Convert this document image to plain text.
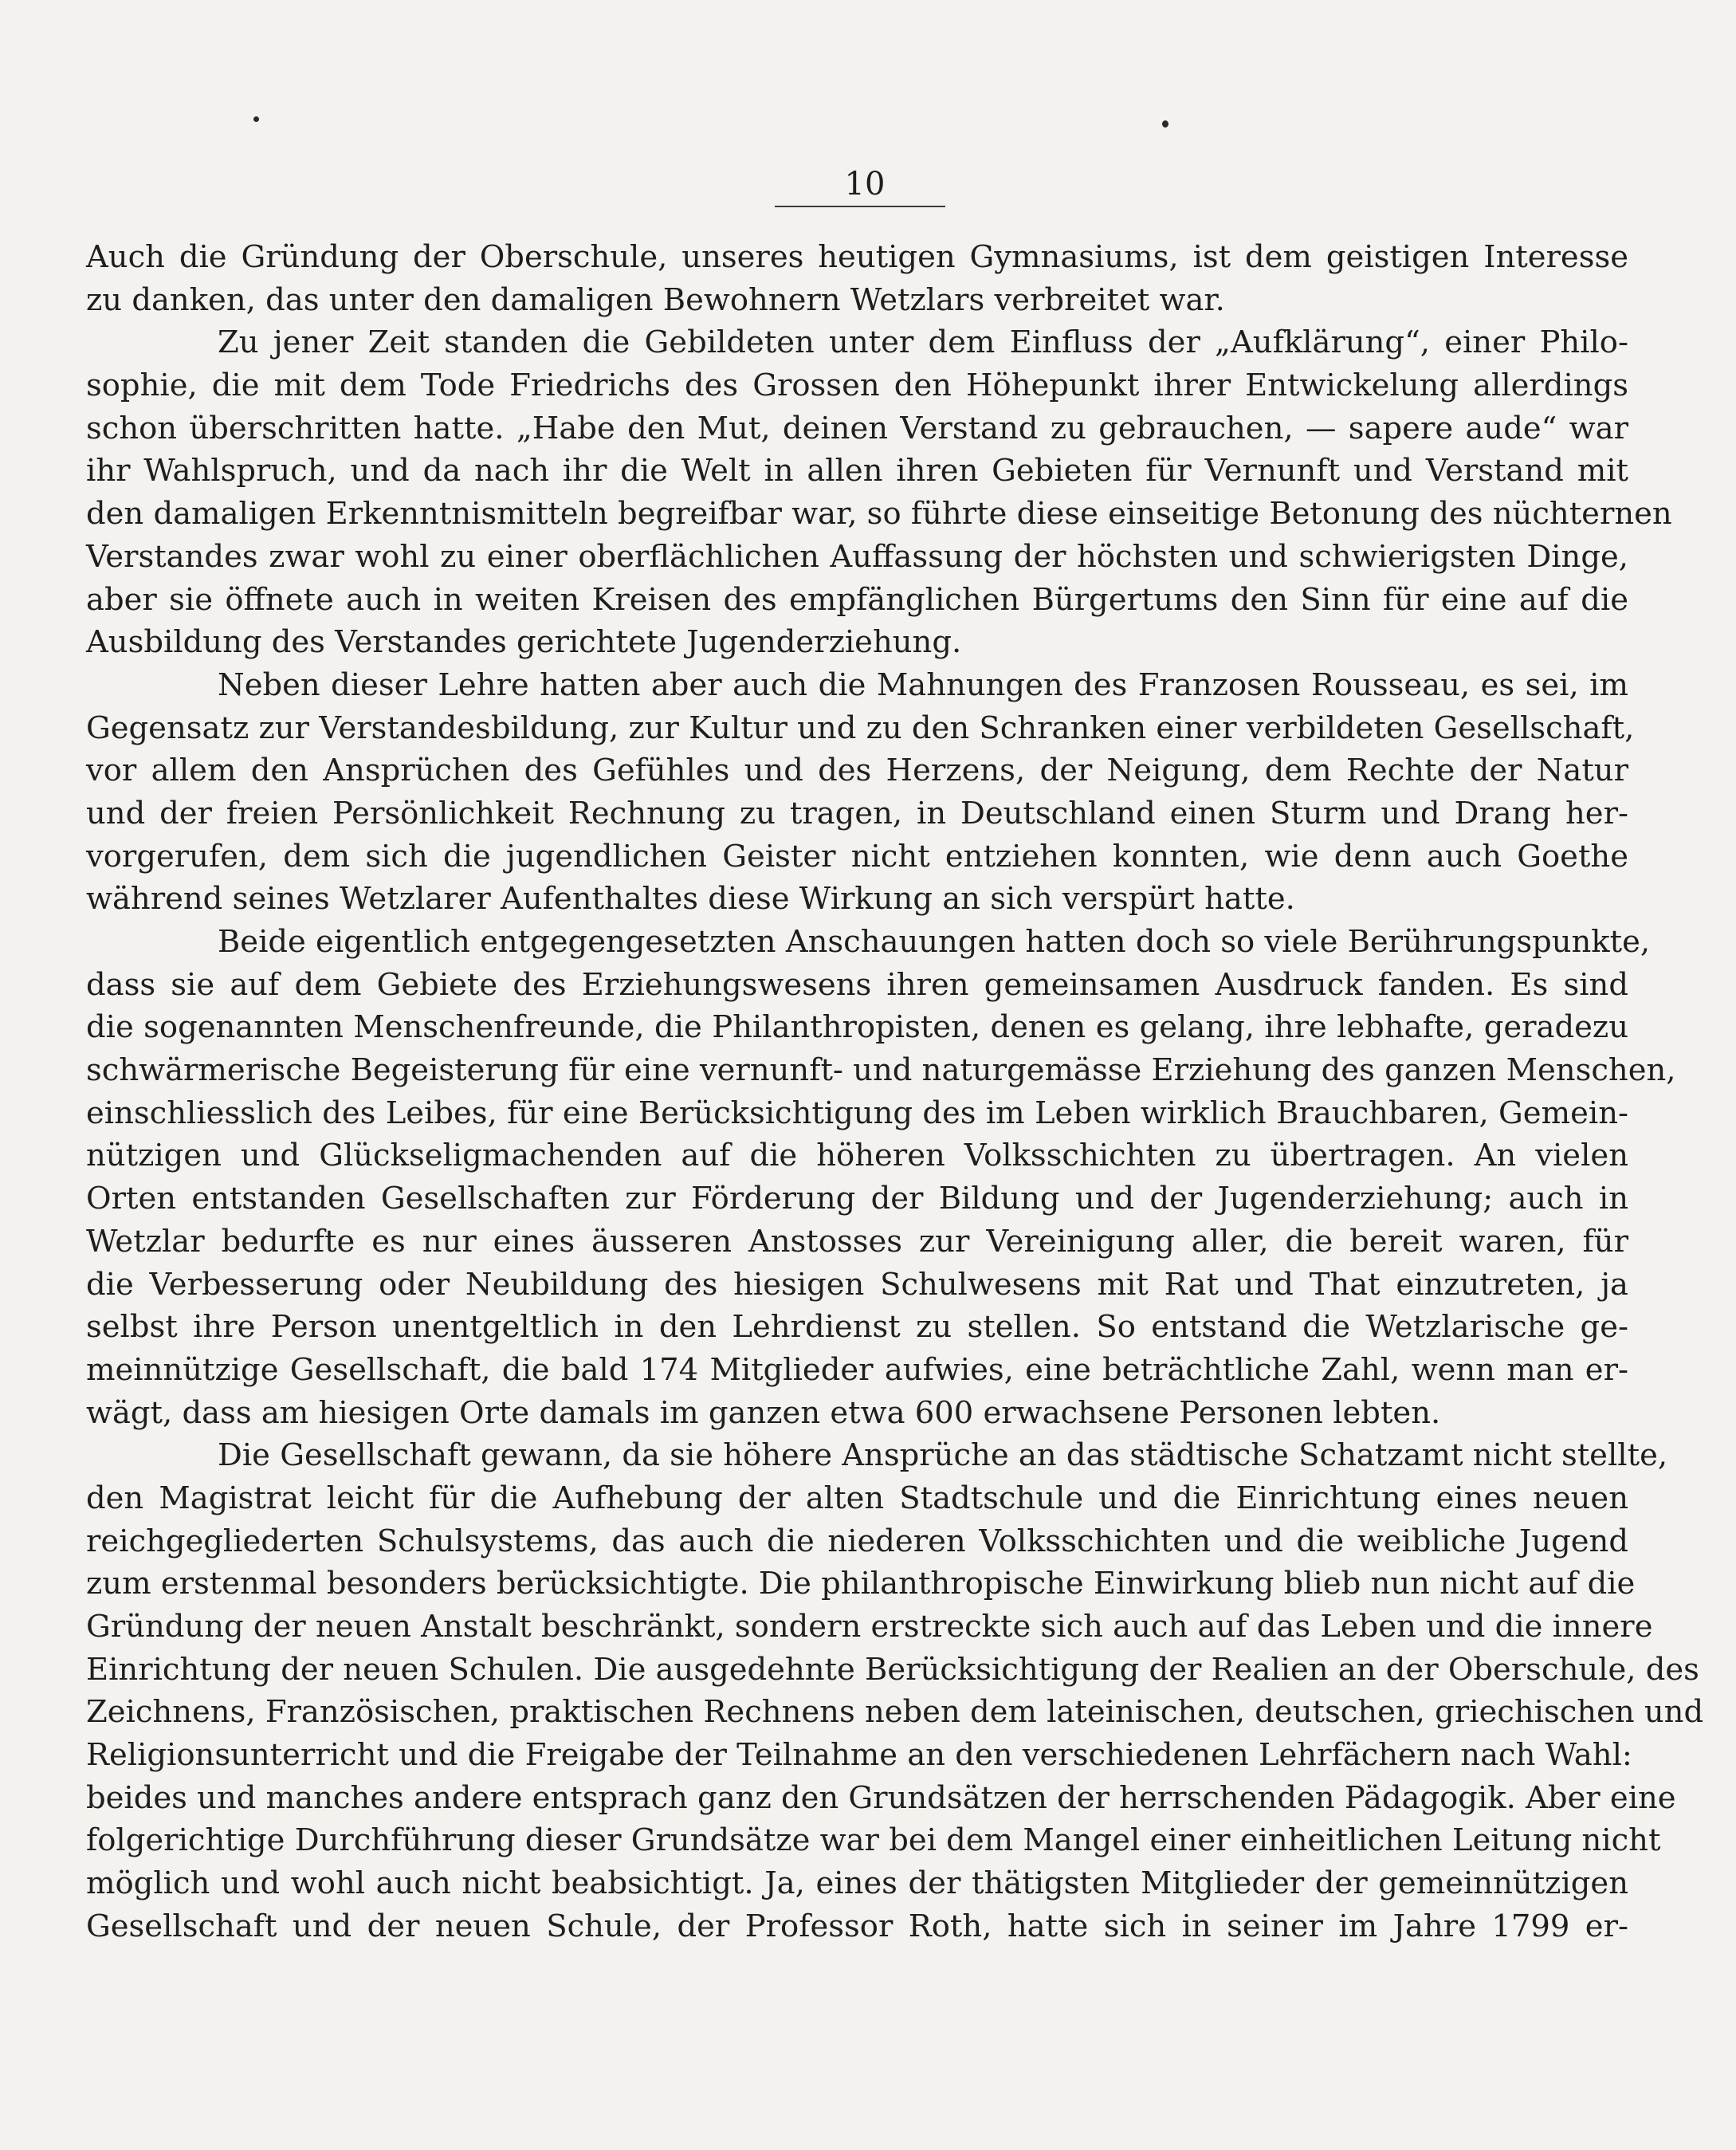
10
Auch die Gründung der Oberschule, unseres heutigen Gymnasiums, ist dem geistigen Interesse
zu danken, das unter den damaligen Bewohnern Wetzlars verbreitet war.
Zu jener Zeit standen die Gebildeten unter dem Einfluss der „Aufklärung“, einer Philo-
sophie, die mit dem Tode Friedrichs des Grossen den Höhepunkt ihrer Entwickelung allerdings
schon überschritten hatte. „Habe den Mut, deinen Verstand zu gebrauchen, — sapere aude“ war
ihr Wahlspruch, und da nach ihr die Welt in allen ihren Gebieten für Vernunft und Verstand mit
den damaligen Erkenntnismitteln begreifbar war, so führte diese einseitige Betonung des nüchternen
Verstandes zwar wohl zu einer oberflächlichen Auffassung der höchsten und schwierigsten Dinge,
aber sie öffnete auch in weiten Kreisen des empfänglichen Bürgertums den Sinn für eine auf die
Ausbildung des Verstandes gerichtete Jugenderziehung.
Neben dieser Lehre hatten aber auch die Mahnungen des Franzosen Rousseau, es sei, im
Gegensatz zur Verstandesbildung, zur Kultur und zu den Schranken einer verbildeten Gesellschaft,
vor allem den Ansprüchen des Gefühles und des Herzens, der Neigung, dem Rechte der Natur
und der freien Persönlichkeit Rechnung zu tragen, in Deutschland einen Sturm und Drang her-
vorgerufen, dem sich die jugendlichen Geister nicht entziehen konnten, wie denn auch Goethe
während seines Wetzlarer Aufenthaltes diese Wirkung an sich verspürt hatte.
Beide eigentlich entgegengesetzten Anschauungen hatten doch so viele Berührungspunkte,
dass sie auf dem Gebiete des Erziehungswesens ihren gemeinsamen Ausdruck fanden. Es sind
die sogenannten Menschenfreunde, die Philanthropisten, denen es gelang, ihre lebhafte, geradezu
schwärmerische Begeisterung für eine vernunft- und naturgemässe Erziehung des ganzen Menschen,
einschliesslich des Leibes, für eine Berücksichtigung des im Leben wirklich Brauchbaren, Gemein-
nützigen und Glückseligmachenden auf die höheren Volksschichten zu übertragen. An vielen
Orten entstanden Gesellschaften zur Förderung der Bildung und der Jugenderziehung; auch in
Wetzlar bedurfte es nur eines äusseren Anstosses zur Vereinigung aller, die bereit waren, für
die Verbesserung oder Neubildung des hiesigen Schulwesens mit Rat und That einzutreten, ja
selbst ihre Person unentgeltlich in den Lehrdienst zu stellen. So entstand die Wetzlarische ge-
meinnützige Gesellschaft, die bald 174 Mitglieder aufwies, eine beträchtliche Zahl, wenn man er-
wägt, dass am hiesigen Orte damals im ganzen etwa 600 erwachsene Personen lebten.
Die Gesellschaft gewann, da sie höhere Ansprüche an das städtische Schatzamt nicht stellte,
den Magistrat leicht für die Aufhebung der alten Stadtschule und die Einrichtung eines neuen
reichgegliederten Schulsystems, das auch die niederen Volksschichten und die weibliche Jugend
zum erstenmal besonders berücksichtigte. Die philanthropische Einwirkung blieb nun nicht auf die
Gründung der neuen Anstalt beschränkt, sondern erstreckte sich auch auf das Leben und die innere
Einrichtung der neuen Schulen. Die ausgedehnte Berücksichtigung der Realien an der Oberschule, des
Zeichnens, Französischen, praktischen Rechnens neben dem lateinischen, deutschen, griechischen und
Religionsunterricht und die Freigabe der Teilnahme an den verschiedenen Lehrfächern nach Wahl:
beides und manches andere entsprach ganz den Grundsätzen der herrschenden Pädagogik. Aber eine
folgerichtige Durchführung dieser Grundsätze war bei dem Mangel einer einheitlichen Leitung nicht
möglich und wohl auch nicht beabsichtigt. Ja, eines der thätigsten Mitglieder der gemeinnützigen
Gesellschaft und der neuen Schule, der Professor Roth, hatte sich in seiner im Jahre 1799 er-
